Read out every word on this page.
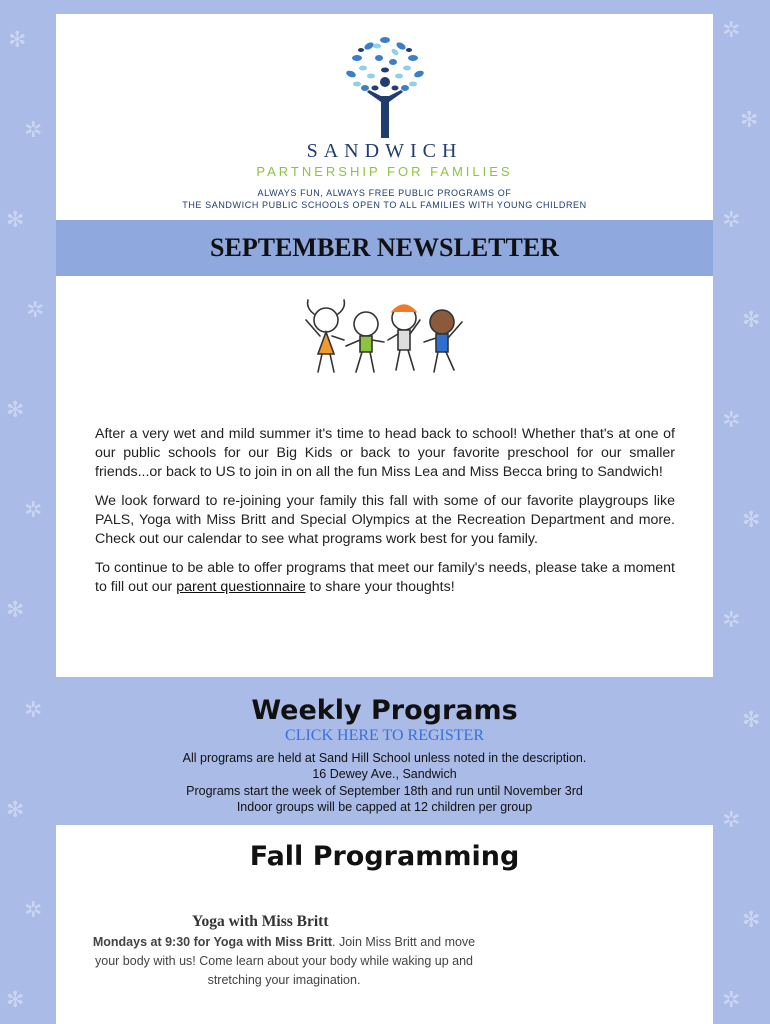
✻
✲
✻
✲
✻
✲
✻
✲
✻
✲
✻
✲
✻
✲
✻
✲
✻
✲
✻
✲
✻
✲
SANDWICH
PARTNERSHIP FOR FAMILIES
ALWAYS FUN, ALWAYS FREE PUBLIC PROGRAMS OF
THE SANDWICH PUBLIC SCHOOLS OPEN TO ALL FAMILIES WITH YOUNG CHILDREN
SEPTEMBER NEWSLETTER

After a very wet and mild summer it's time to head back to school! Whether that's at one of our public schools for our Big Kids or back to your favorite preschool for our smaller friends...or back to US to join in on all the fun Miss Lea and Miss Becca bring to Sandwich!

We look forward to re-joining your family this fall with some of our favorite playgroups like PALS, Yoga with Miss Britt and Special Olympics at the Recreation Department and more. Check out our calendar to see what programs work best for you family.

To continue to be able to offer programs that meet our family's needs, please take a moment to fill out our parent questionnaire to share your thoughts!

Weekly Programs
CLICK HERE TO REGISTER
All programs are held at Sand Hill School unless noted in the description.
16 Dewey Ave., Sandwich
Programs start the week of September 18th and run until November 3rd
Indoor groups will be capped at 12 children per group
Fall Programming
Yoga with Miss Britt
Mondays at 9:30 for Yoga with Miss Britt. Join Miss Britt and move your body with us! Come learn about your body while waking up and stretching your imagination.
